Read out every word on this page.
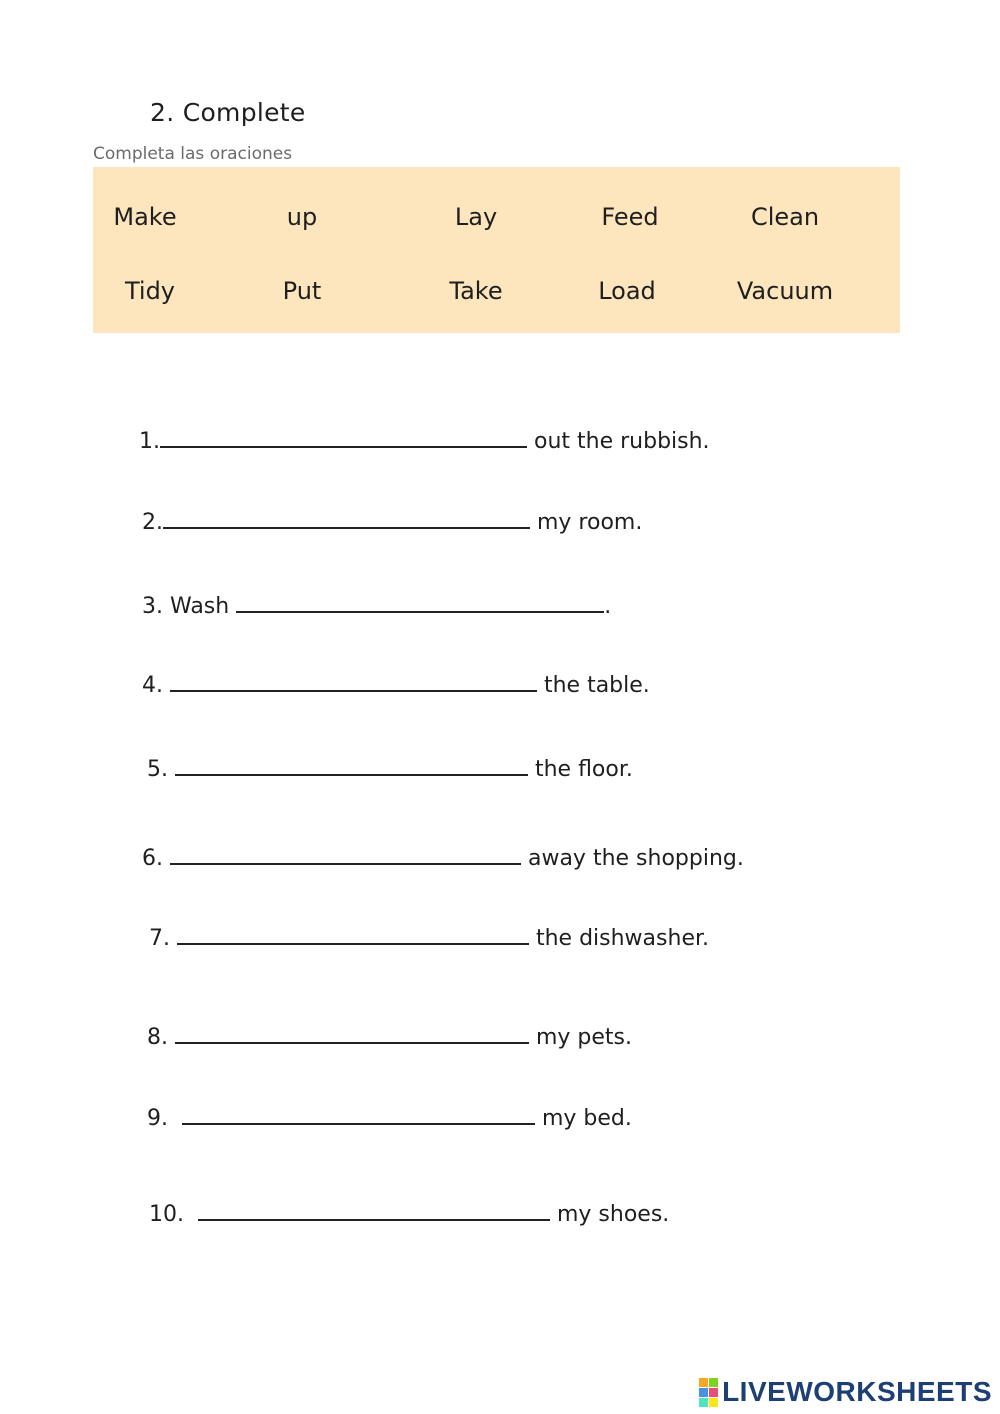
2. Complete
Completa las oraciones
Make	up	Lay	Feed	Clean
Tidy	Put	Take	Load	Vacuum

1.	out the rubbish.

2.	my room.

3. Wash	.

4.	the table.

5.	the floor.

6.	away the shopping.

7.	the dishwasher.

8.	my pets.

9.	my bed.

10.	my shoes.

LIVEWORKSHEETS
